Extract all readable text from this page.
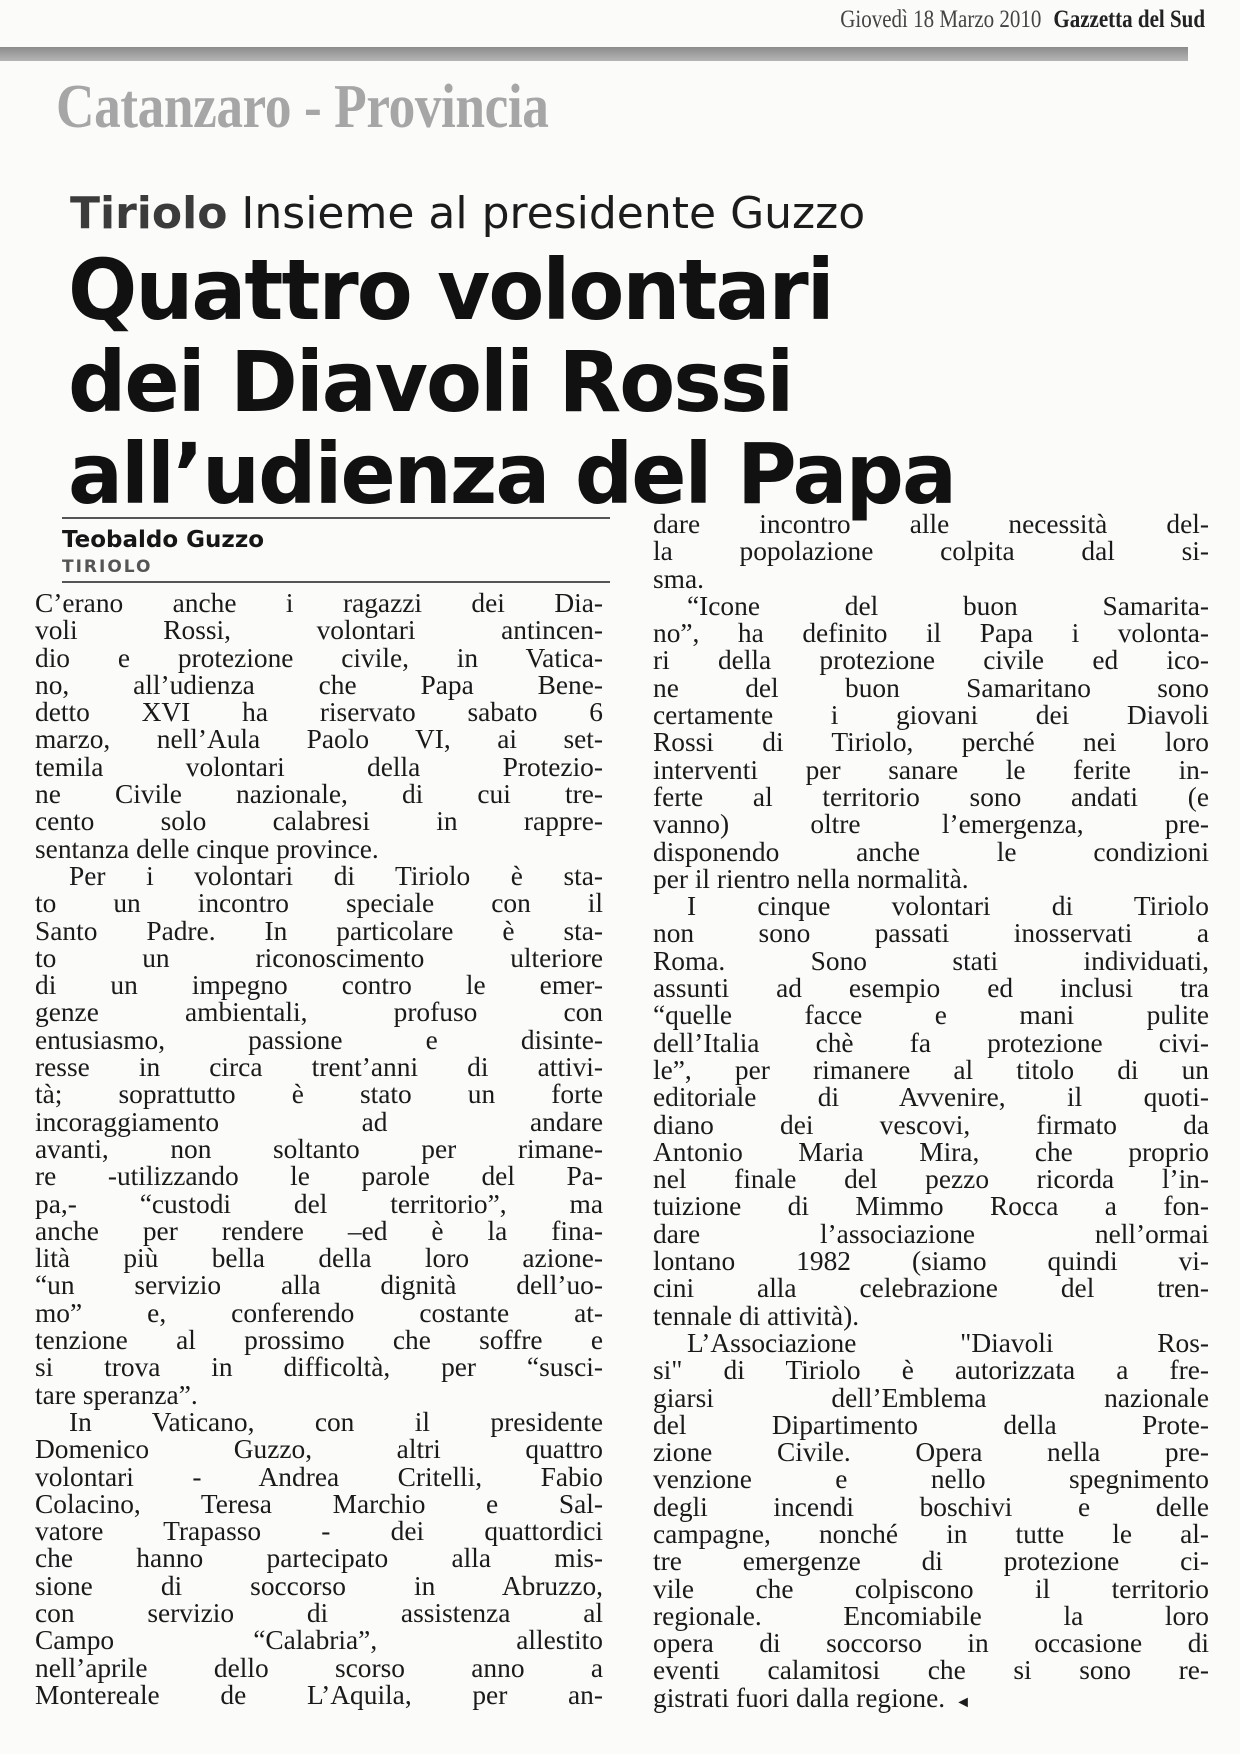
Giovedì 18 Marzo 2010 Gazzetta del Sud
Catanzaro - Provincia
Tiriolo Insieme al presidente Guzzo
Quattro volontari
dei Diavoli Rossi
all’udienza del Papa
Teobaldo Guzzo
TIRIOLO
C’erano anche i ragazzi dei Dia-
voli Rossi, volontari antincen-
dio e protezione civile, in Vatica-
no, all’udienza che Papa Bene-
detto XVI ha riservato sabato 6
marzo, nell’Aula Paolo VI, ai set-
temila volontari della Protezio-
ne Civile nazionale, di cui tre-
cento solo calabresi in rappre-
sentanza delle cinque province.
Per i volontari di Tiriolo è sta-
to un incontro speciale con il
Santo Padre. In particolare è sta-
to un riconoscimento ulteriore
di un impegno contro le emer-
genze ambientali, profuso con
entusiasmo, passione e disinte-
resse in circa trent’anni di attivi-
tà; soprattutto è stato un forte
incoraggiamento ad andare
avanti, non soltanto per rimane-
re -utilizzando le parole del Pa-
pa,- “custodi del territorio”, ma
anche per rendere –ed è la fina-
lità più bella della loro azione-
“un servizio alla dignità dell’uo-
mo” e, conferendo costante at-
tenzione al prossimo che soffre e
si trova in difficoltà, per “susci-
tare speranza”.
In Vaticano, con il presidente
Domenico Guzzo, altri quattro
volontari - Andrea Critelli, Fabio
Colacino, Teresa Marchio e Sal-
vatore Trapasso - dei quattordici
che hanno partecipato alla mis-
sione di soccorso in Abruzzo,
con servizio di assistenza al
Campo “Calabria”, allestito
nell’aprile dello scorso anno a
Montereale de L’Aquila, per an-
dare incontro alle necessità del-
la popolazione colpita dal si-
sma.
“Icone del buon Samarita-
no”, ha definito il Papa i volonta-
ri della protezione civile ed ico-
ne del buon Samaritano sono
certamente i giovani dei Diavoli
Rossi di Tiriolo, perché nei loro
interventi per sanare le ferite in-
ferte al territorio sono andati (e
vanno) oltre l’emergenza, pre-
disponendo anche le condizioni
per il rientro nella normalità.
I cinque volontari di Tiriolo
non sono passati inosservati a
Roma. Sono stati individuati,
assunti ad esempio ed inclusi tra
“quelle facce e mani pulite
dell’Italia chè fa protezione civi-
le”, per rimanere al titolo di un
editoriale di Avvenire, il quoti-
diano dei vescovi, firmato da
Antonio Maria Mira, che proprio
nel finale del pezzo ricorda l’in-
tuizione di Mimmo Rocca a fon-
dare l’associazione nell’ormai
lontano 1982 (siamo quindi vi-
cini alla celebrazione del tren-
tennale di attività).
L’Associazione "Diavoli Ros-
si" di Tiriolo è autorizzata a fre-
giarsi dell’Emblema nazionale
del Dipartimento della Prote-
zione Civile. Opera nella pre-
venzione e nello spegnimento
degli incendi boschivi e delle
campagne, nonché in tutte le al-
tre emergenze di protezione ci-
vile che colpiscono il territorio
regionale. Encomiabile la loro
opera di soccorso in occasione di
eventi calamitosi che si sono re-
gistrati fuori dalla regione. ◄
